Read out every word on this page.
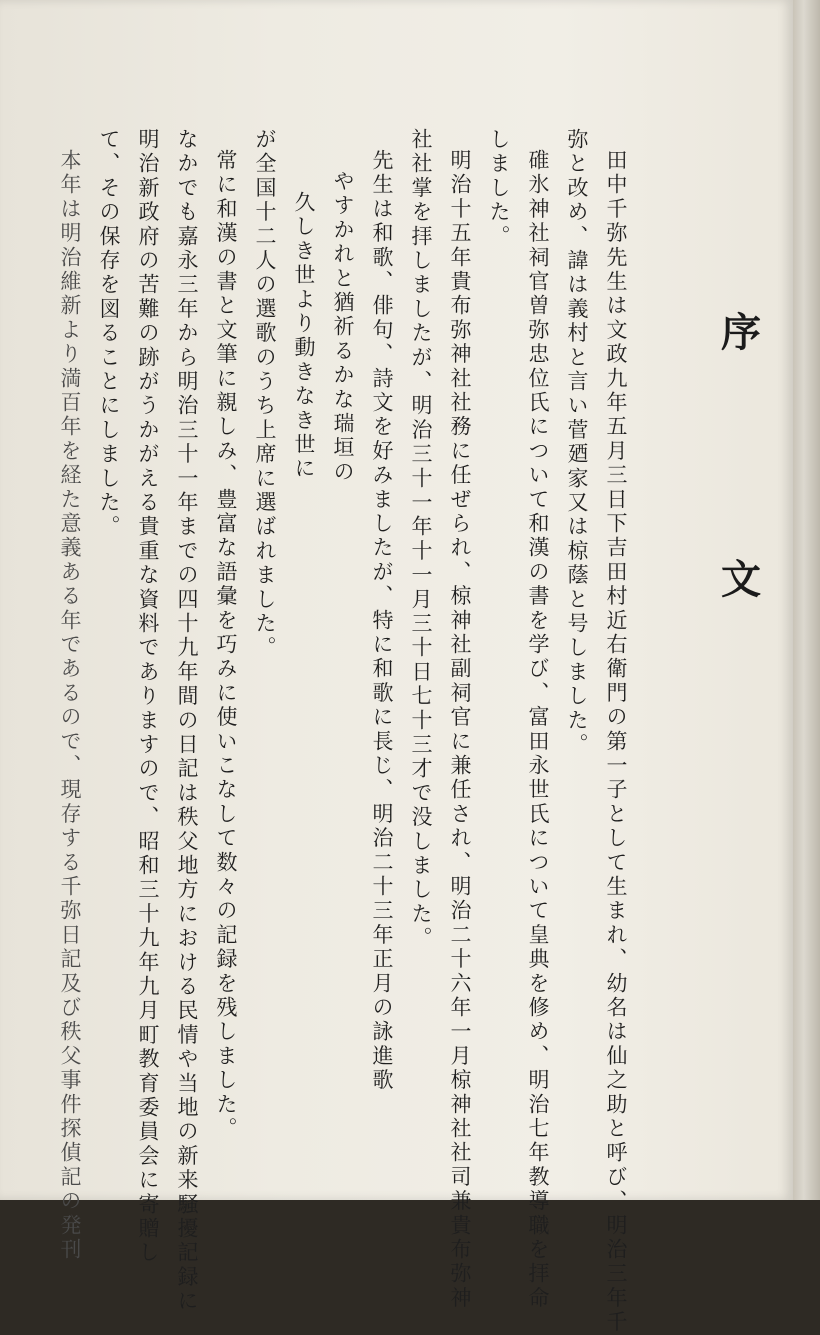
序
文

田中千弥先生は文政九年五月三日下吉田村近右衛門の第一子として生まれ、幼名は仙之助と呼び、明治三年千

弥と改め、諱は義村と言い菅廼家又は椋蔭と号しました。

碓氷神社祠官曽弥忠位氏について和漢の書を学び、富田永世氏について皇典を修め、明治七年教導職を拝命

しました。

明治十五年貴布弥神社社務に任ぜられ、椋神社副祠官に兼任され、明治二十六年一月椋神社社司兼貴布弥神

社社掌を拝しましたが、明治三十一年十一月三十日七十三才で没しました。

先生は和歌、俳句、詩文を好みましたが、特に和歌に長じ、明治二十三年正月の詠進歌

やすかれと猶祈るかな瑞垣の

久しき世より動きなき世に

が全国十二人の選歌のうち上席に選ばれました。

常に和漢の書と文筆に親しみ、豊富な語彙を巧みに使いこなして数々の記録を残しました。

なかでも嘉永三年から明治三十一年までの四十九年間の日記は秩父地方における民情や当地の新来騒擾記録に

明治新政府の苦難の跡がうかがえる貴重な資料でありますので、昭和三十九年九月町教育委員会に寄贈し

て、その保存を図ることにしました。

本年は明治維新より満百年を経た意義ある年であるので、現存する千弥日記及び秩父事件探偵記の発刊
